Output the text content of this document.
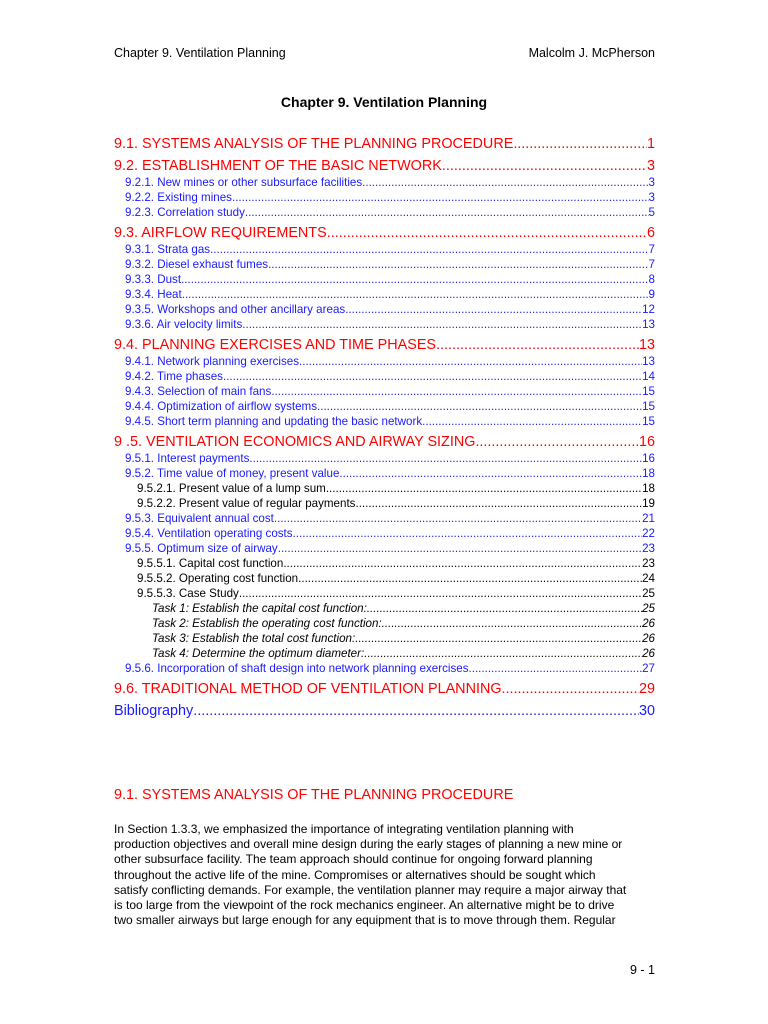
Chapter 9. Ventilation Planning	Malcolm J. McPherson
Chapter 9. Ventilation Planning
9.1. SYSTEMS ANALYSIS OF THE PLANNING PROCEDURE .....	1
9.2. ESTABLISHMENT OF THE BASIC NETWORK .....	3
9.2.1. New mines or other subsurface facilities .....	3
9.2.2. Existing mines .....	3
9.2.3. Correlation study .....	5
9.3. AIRFLOW REQUIREMENTS .....	6
9.3.1. Strata gas .....	7
9.3.2. Diesel exhaust fumes .....	7
9.3.3. Dust .....	8
9.3.4. Heat .....	9
9.3.5. Workshops and other ancillary areas .....	12
9.3.6. Air velocity limits .....	13
9.4. PLANNING EXERCISES AND TIME PHASES .....	13
9.4.1. Network planning exercises .....	13
9.4.2. Time phases .....	14
9.4.3. Selection of main fans .....	15
9.4.4. Optimization of airflow systems .....	15
9.4.5. Short term planning and updating the basic network .....	15
9 .5. VENTILATION ECONOMICS AND AIRWAY SIZING .....	16
9.5.1. Interest payments .....	16
9.5.2. Time value of money, present value .....	18
9.5.2.1. Present value of a lump sum .....	18
9.5.2.2. Present value of regular payments. .....	19
9.5.3. Equivalent annual cost .....	21
9.5.4. Ventilation operating costs .....	22
9.5.5. Optimum size of airway .....	23
9.5.5.1. Capital cost function .....	23
9.5.5.2. Operating cost function .....	24
9.5.5.3. Case Study .....	25
Task 1: Establish the capital cost function: .....	25
Task 2: Establish the operating cost function: .....	26
Task 3: Establish the total cost function: .....	26
Task 4: Determine the optimum diameter: .....	26
9.5.6. Incorporation of shaft design into network planning exercises. .....	27
9.6. TRADITIONAL METHOD OF VENTILATION PLANNING .....	29
Bibliography .....	30
9.1. SYSTEMS ANALYSIS OF THE PLANNING PROCEDURE
In Section 1.3.3, we emphasized the importance of integrating ventilation planning with
production objectives and overall mine design during the early stages of planning a new mine or
other subsurface facility. The team approach should continue for ongoing forward planning
throughout the active life of the mine. Compromises or alternatives should be sought which
satisfy conflicting demands. For example, the ventilation planner may require a major airway that
is too large from the viewpoint of the rock mechanics engineer. An alternative might be to drive
two smaller airways but large enough for any equipment that is to move through them. Regular
9 - 1
